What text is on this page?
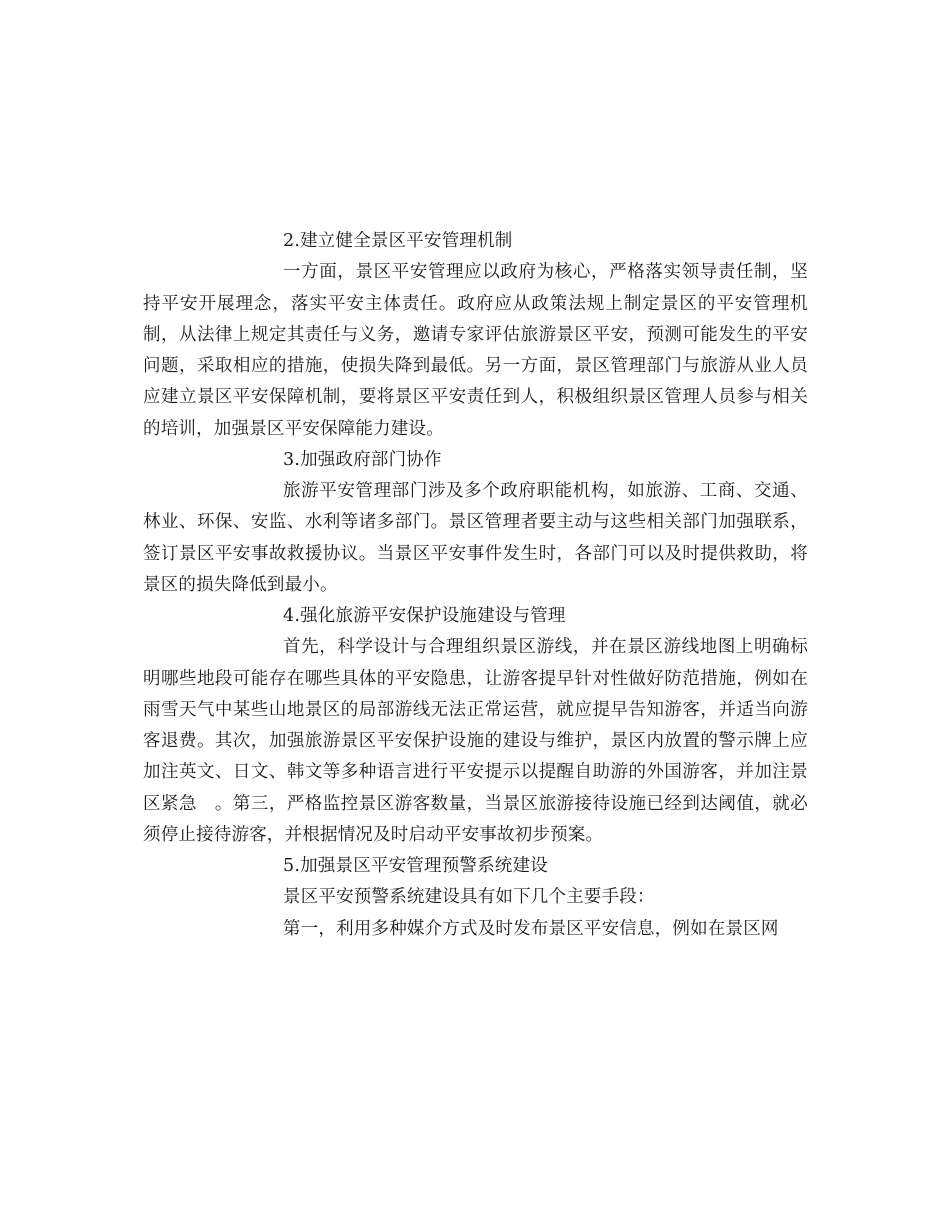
2.建立健全景区平安管理机制

一方面，景区平安管理应以政府为核心，严格落实领导责任制，坚持平安开展理念，落实平安主体责任。政府应从政策法规上制定景区的平安管理机制，从法律上规定其责任与义务，邀请专家评估旅游景区平安，预测可能发生的平安问题，采取相应的措施，使损失降到最低。另一方面，景区管理部门与旅游从业人员应建立景区平安保障机制，要将景区平安责任到人，积极组织景区管理人员参与相关的培训，加强景区平安保障能力建设。

3.加强政府部门协作

旅游平安管理部门涉及多个政府职能机构，如旅游、工商、交通、林业、环保、安监、水利等诸多部门。景区管理者要主动与这些相关部门加强联系，签订景区平安事故救援协议。当景区平安事件发生时，各部门可以及时提供救助，将景区的损失降低到最小。

4.强化旅游平安保护设施建设与管理

首先，科学设计与合理组织景区游线，并在景区游线地图上明确标明哪些地段可能存在哪些具体的平安隐患，让游客提早针对性做好防范措施，例如在雨雪天气中某些山地景区的局部游线无法正常运营，就应提早告知游客，并适当向游客退费。其次，加强旅游景区平安保护设施的建设与维护，景区内放置的警示牌上应加注英文、日文、韩文等多种语言进行平安提示以提醒自助游的外国游客，并加注景区紧急　。第三，严格监控景区游客数量，当景区旅游接待设施已经到达阈值，就必须停止接待游客，并根据情况及时启动平安事故初步预案。

5.加强景区平安管理预警系统建设

景区平安预警系统建设具有如下几个主要手段：

第一，利用多种媒介方式及时发布景区平安信息，例如在景区网
